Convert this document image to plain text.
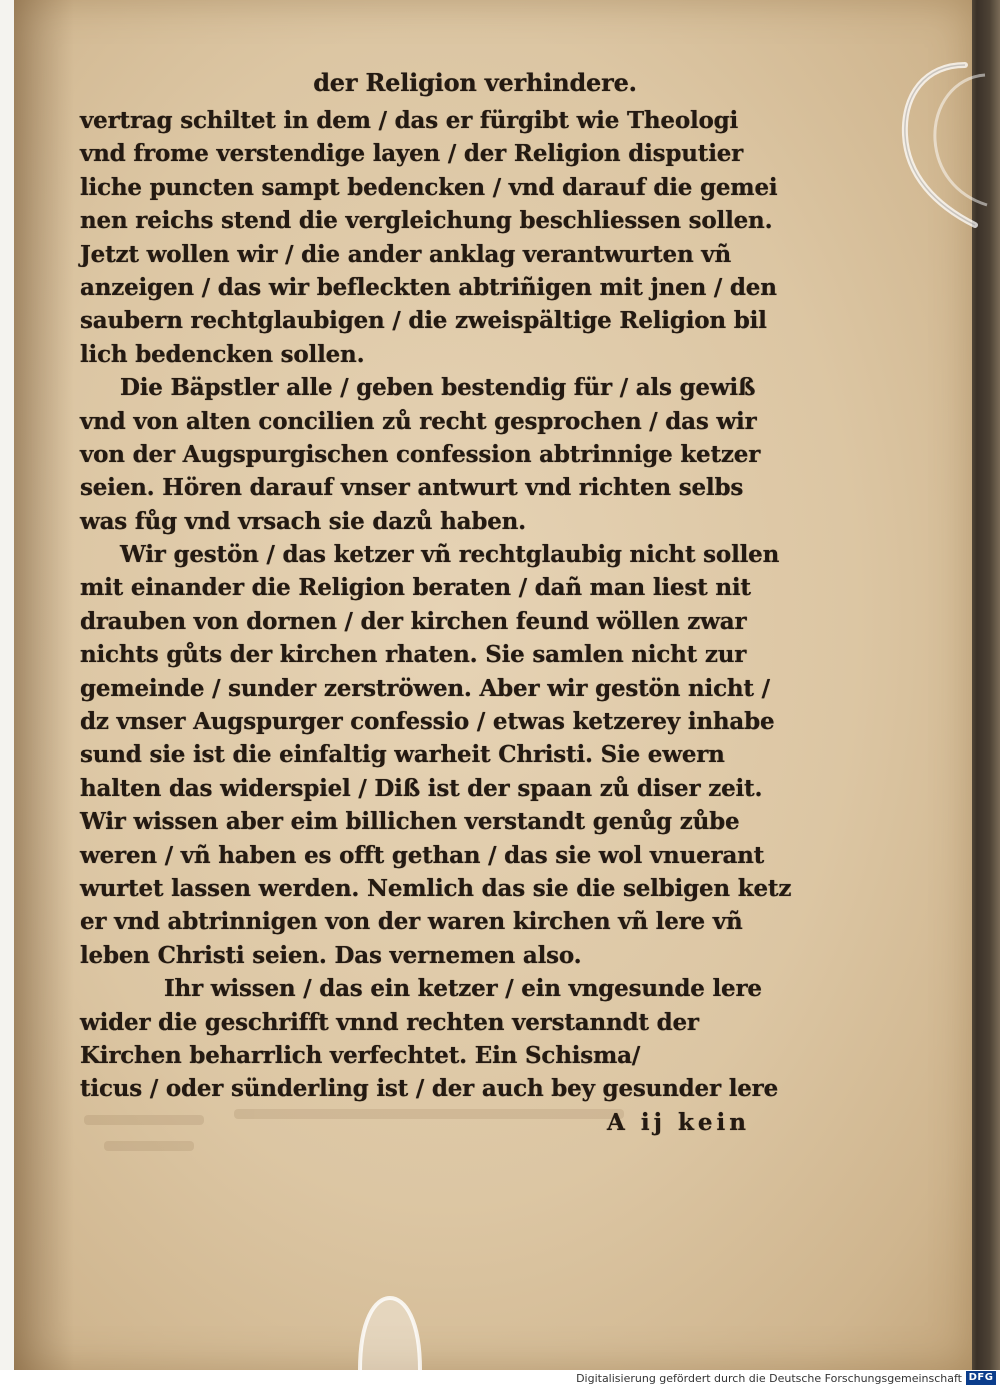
der Religion verhindere.
vertrag schiltet in dem / das er fürgibt wie Theologi
vnd frome verstendige layen / der Religion disputier
liche puncten sampt bedencken / vnd darauf die gemei
nen reichs stend die vergleichung beschliessen sollen.
Jetzt wollen wir / die ander anklag verantwurten vñ
anzeigen / das wir befleckten abtriñigen mit jnen / den
saubern rechtglaubigen / die zweispältige Religion bil
lich bedencken sollen.
Die Bäpstler alle / geben bestendig für / als gewiß
vnd von alten concilien zů recht gesprochen / das wir
von der Augspurgischen confession abtrinnige ketzer
seien. Hören darauf vnser antwurt vnd richten selbs
was fůg vnd vrsach sie dazů haben.
Wir gestön / das ketzer vñ rechtglaubig nicht sollen
mit einander die Religion beraten / dañ man liest nit
drauben von dornen / der kirchen feund wöllen zwar
nichts gůts der kirchen rhaten. Sie samlen nicht zur
gemeinde / sunder zerströwen. Aber wir gestön nicht /
dz vnser Augspurger confessio / etwas ketzerey inhabe
sund sie ist die einfaltig warheit Christi. Sie ewern
halten das widerspiel / Diß ist der spaan zů diser zeit.
Wir wissen aber eim billichen verstandt genůg zůbe
weren / vñ haben es offt gethan / das sie wol vnuerant
wurtet lassen werden. Nemlich das sie die selbigen ketz
er vnd abtrinnigen von der waren kirchen vñ lere vñ
leben Christi seien. Das vernemen also.
Ihr wissen / das ein ketzer / ein vngesunde lere
wider die geschrifft vnnd rechten verstanndt der
Kirchen beharrlich verfechtet. Ein Schisma/
ticus / oder sünderling ist / der auch bey gesunder lere
A ij kein
Digitalisierung gefördert durch die Deutsche Forschungsgemeinschaft DFG
